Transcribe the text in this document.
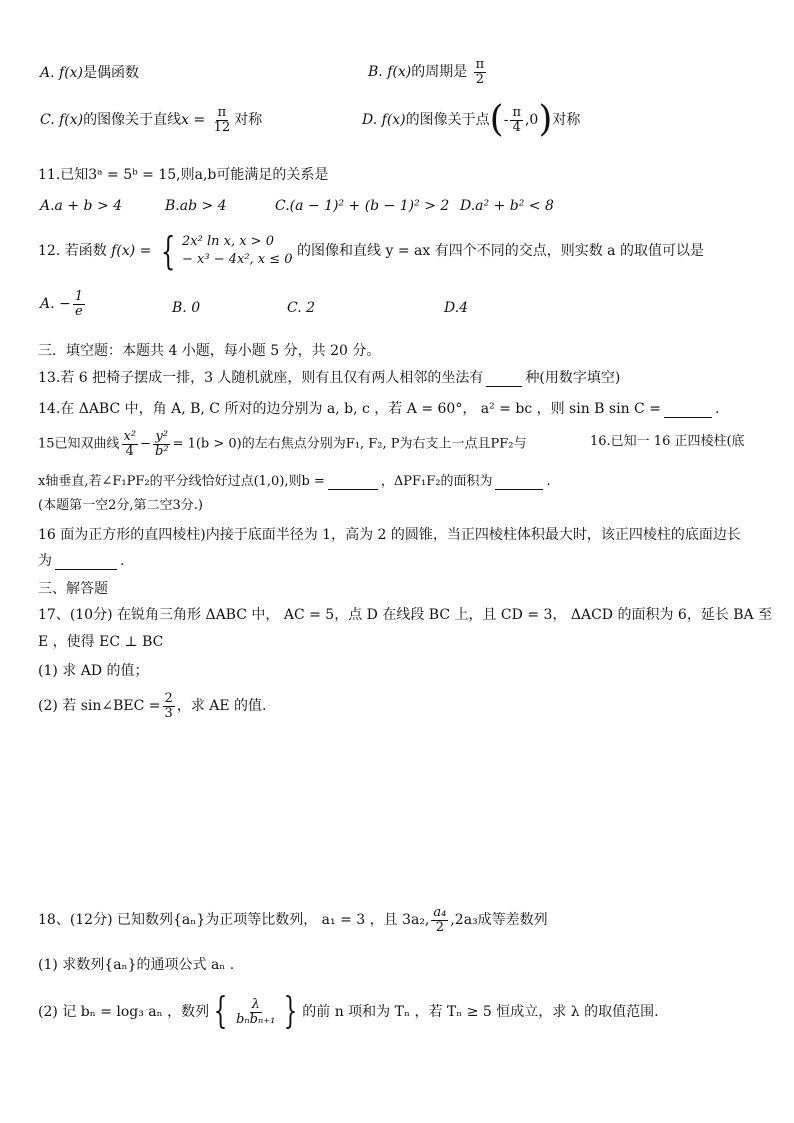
A. f(x)是偶函数	B. f(x)的周期是 $\frac{\pi}{2}$
C. f(x)的图像关于直线$x = \frac{\pi}{12}$ 对称	D. f(x)的图像关于点(- $\frac{\pi}{4} ,0$)对称
11.已知3ᵃ = 5ᵇ = 15,则a,b可能满足的关系是
A.a + b > 4	B.ab > 4	C.(a − 1)² + (b − 1)² > 2 D.a² + b² < 8
12. 若函数 f(x) = { 2x² ln x, x > 0
− x³ − 4x², x ≤ 0
的图像和直线 y = ax 有四个不同的交点，则实数 a 的取值可以是
A. − $\frac{1}{e}$	B. 0	C. 2	D.4
三．填空题：本题共 4 小题，每小题 5 分，共 20 分。
13.若 6 把椅子摆成一排，3 人随机就座，则有且仅有两人相邻的坐法有	种(用数字填空)
14.在 ΔABC 中，角 A, B, C 所对的边分别为 a, b, c ，若 A = 60°， a² = bc ，则 sin B sin C =	.
15已知双曲线 $\frac{\text{x²}}{4} - \frac{\text{y²}}{\text{b²}} = 1(b > 0)$的左右焦点分别为F₁, F₂, P为右支上一点且PF₂与	16.已知一 16 正四棱柱(底
x轴垂直,若∠F₁PF₂的平分线恰好过点(1,0),则b =	，ΔPF₁F₂的面积为	.
(本题第一空2分,第二空3分.)
16 面为正方形的直四棱柱)内接于底面半径为 1，高为 2 的圆锥，当正四棱柱体积最大时，该正四棱柱的底面边长
为	.
三、解答题
17、(10分) 在锐角三角形 ΔABC 中， AC = 5，点 D 在线段 BC 上，且 CD = 3， ΔACD 的面积为 6，延长 BA 至
E ，使得 EC ⊥ BC
(1) 求 AD 的值；
(2) 若 sin∠BEC = $\frac{2}{3}$ ，求 AE 的值.
18、(12分) 已知数列{aₙ}为正项等比数列， a₁ = 3 ，且 3a₂, $\frac{\text{a₄}}{2} ,2a_3$成等差数列
(1) 求数列{aₙ}的通项公式 aₙ .
(2) 记 bₙ = log₃ aₙ ，数列 { $\frac{\lambda}{\text{bₙbₙ₊₁}}$ } 的前 n 项和为 Tₙ ，若 Tₙ ≥ 5 恒成立，求 λ 的取值范围.
